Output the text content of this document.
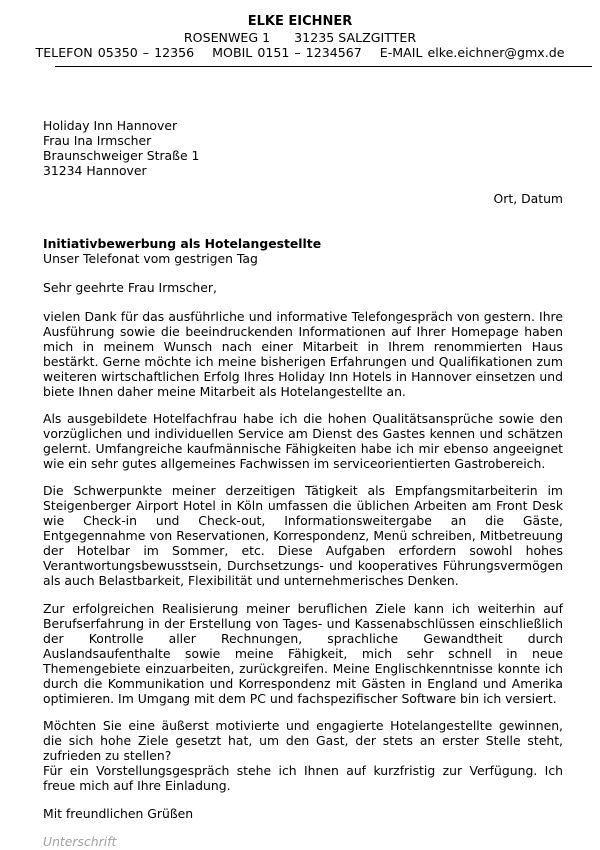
ELKE EICHNER
ROSENWEG 1 31235 SALZGITTER
TELEFON 05350 – 12356 MOBIL 0151 – 1234567 E-MAIL elke.eichner@gmx.de
Holiday Inn Hannover
Frau Ina Irmscher
Braunschweiger Straße 1
31234 Hannover
Ort, Datum
Initiativbewerbung als Hotelangestellte
Unser Telefonat vom gestrigen Tag
Sehr geehrte Frau Irmscher,

vielen Dank für das ausführliche und informative Telefongespräch von gestern. Ihre Ausführung sowie die beeindruckenden Informationen auf Ihrer Homepage haben mich in meinem Wunsch nach einer Mitarbeit in Ihrem renommierten Haus bestärkt. Gerne möchte ich meine bisherigen Erfahrungen und Qualifikationen zum weiteren wirtschaftlichen Erfolg Ihres Holiday Inn Hotels in Hannover einsetzen und biete Ihnen daher meine Mitarbeit als Hotelangestellte an.

Als ausgebildete Hotelfachfrau habe ich die hohen Qualitätsansprüche sowie den vorzüglichen und individuellen Service am Dienst des Gastes kennen und schätzen gelernt. Umfangreiche kaufmännische Fähigkeiten habe ich mir ebenso angeeignet wie ein sehr gutes allgemeines Fachwissen im serviceorientierten Gastrobereich.

Die Schwerpunkte meiner derzeitigen Tätigkeit als Empfangsmitarbeiterin im Steigenberger Airport Hotel in Köln umfassen die üblichen Arbeiten am Front Desk wie Check-in und Check-out, Informationsweitergabe an die Gäste, Entgegennahme von Reservationen, Korrespondenz, Menü schreiben, Mitbetreuung der Hotelbar im Sommer, etc. Diese Aufgaben erfordern sowohl hohes Verantwortungsbewusstsein, Durchsetzungs- und kooperatives Führungsvermögen als auch Belastbarkeit, Flexibilität und unternehmerisches Denken.

Zur erfolgreichen Realisierung meiner beruflichen Ziele kann ich weiterhin auf Berufserfahrung in der Erstellung von Tages- und Kassenabschlüssen einschließlich der Kontrolle aller Rechnungen, sprachliche Gewandtheit durch Auslandsaufenthalte sowie meine Fähigkeit, mich sehr schnell in neue Themengebiete einzuarbeiten, zurückgreifen. Meine Englischkenntnisse konnte ich durch die Kommunikation und Korrespondenz mit Gästen in England und Amerika optimieren. Im Umgang mit dem PC und fachspezifischer Software bin ich versiert.

Möchten Sie eine äußerst motivierte und engagierte Hotelangestellte gewinnen, die sich hohe Ziele gesetzt hat, um den Gast, der stets an erster Stelle steht, zufrieden zu stellen?

Für ein Vorstellungsgespräch stehe ich Ihnen auf kurzfristig zur Verfügung. Ich freue mich auf Ihre Einladung.

Mit freundlichen Grüßen
Unterschrift
